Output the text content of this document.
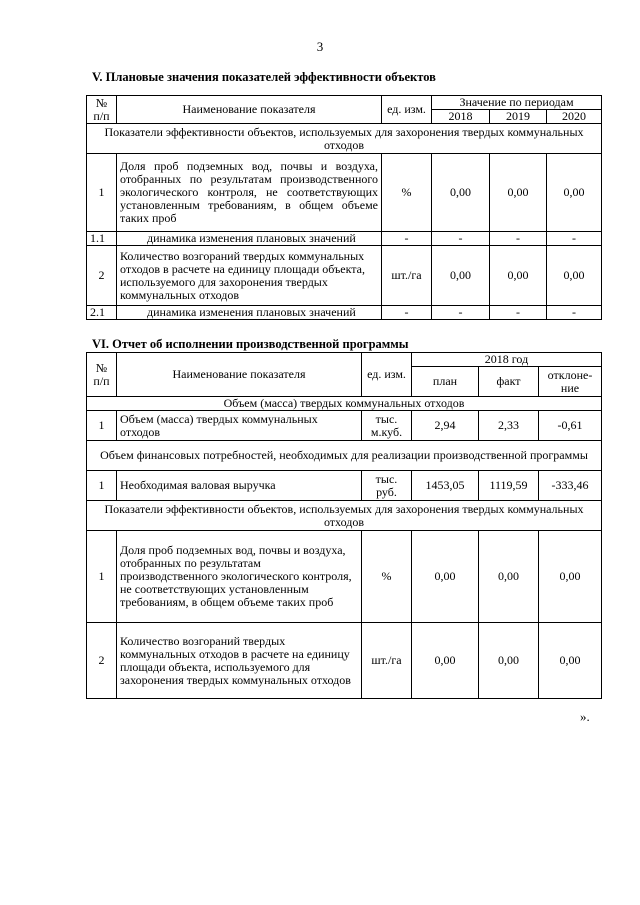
3
V. Плановые значения показателей эффективности объектов
№ п/п	Наименование показателя	ед. изм.	Значение по периодам		
			2018	2019	2020
Показатели эффективности объектов, используемых для захоронения твердых коммунальных отходов					
1	Доля проб подземных вод, почвы и воздуха, отобранных по результатам производственного экологического контроля, не соответствующих установленным требованиям, в общем объеме таких проб	%	0,00	0,00	0,00
1.1	динамика изменения плановых значений	-	-	-	-
2	Количество возгораний твердых коммунальных отходов в расчете на единицу площади объекта, используемого для захоронения твердых коммунальных отходов	шт./га	0,00	0,00	0,00
2.1	динамика изменения плановых значений	-	-	-	-
VI. Отчет об исполнении производственной программы
№ п/п	Наименование показателя	ед. изм.	2018 год		
			план	факт	отклоне-ние
Объем (масса) твердых коммунальных отходов					
1	Объем (масса) твердых коммунальных отходов	тыс. м.куб.	2,94	2,33	-0,61
Объем финансовых потребностей, необходимых для реализации производственной программы					
1	Необходимая валовая выручка	тыс. руб.	1453,05	1119,59	-333,46
Показатели эффективности объектов, используемых для захоронения твердых коммунальных отходов					
1	Доля проб подземных вод, почвы и воздуха, отобранных по результатам производственного экологического контроля, не соответствующих установленным требованиям, в общем объеме таких проб	%	0,00	0,00	0,00
2	Количество возгораний твердых коммунальных отходов в расчете на единицу площади объекта, используемого для захоронения твердых коммунальных отходов	шт./га	0,00	0,00	0,00
».
